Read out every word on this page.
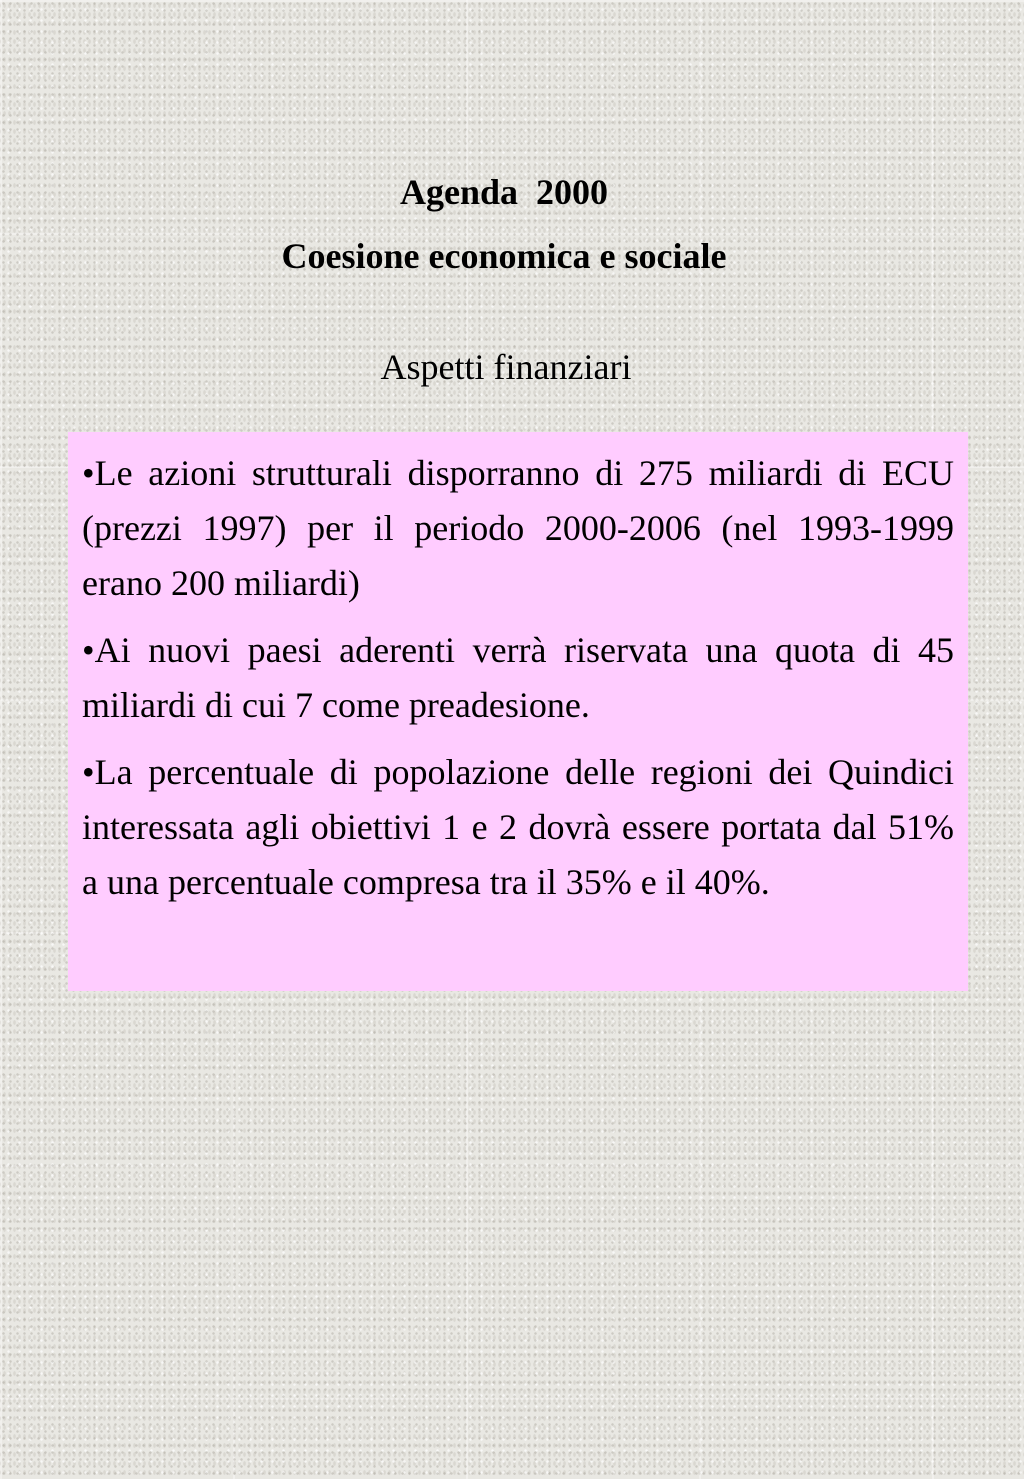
Agenda  2000
Coesione economica e sociale

Aspetti finanziari

•Le azioni strutturali disporranno di 275 miliardi di ECU (prezzi 1997) per il periodo 2000-2006 (nel 1993-1999 erano 200 miliardi)

•Ai nuovi paesi aderenti verrà riservata una quota di 45 miliardi di cui 7 come preadesione.

•La percentuale di popolazione delle regioni dei Quindici interessata agli obiettivi 1 e 2 dovrà essere portata dal 51% a una percentuale compresa tra il 35% e il 40%.
